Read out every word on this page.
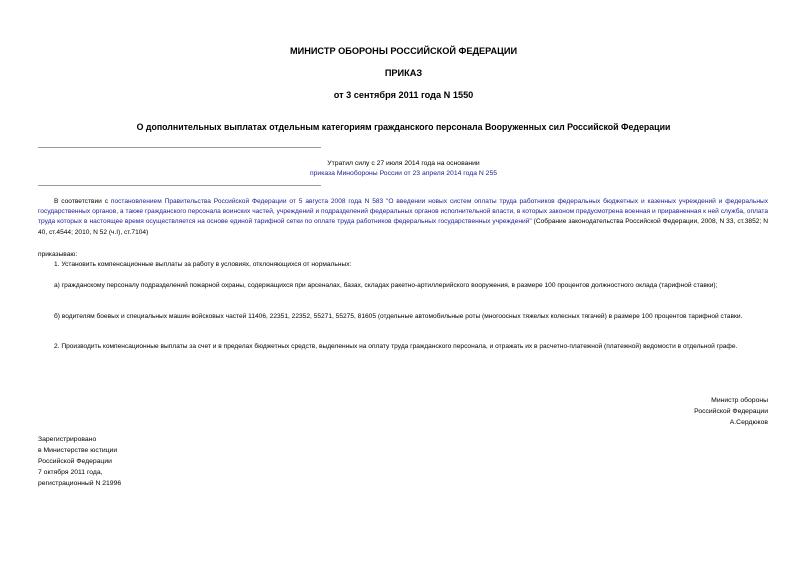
МИНИСТР ОБОРОНЫ РОССИЙСКОЙ ФЕДЕРАЦИИ
ПРИКАЗ
от 3 сентября 2011 года N 1550
О дополнительных выплатах отдельным категориям гражданского персонала Вооруженных сил Российской Федерации
Утратил силу с 27 июля 2014 года на основании
приказа Минобороны России от 23 апреля 2014 года N 255
В соответствии с постановлением Правительства Российской Федерации от 5 августа 2008 года N 583 "О введении новых систем оплаты труда работников федеральных бюджетных и казенных учреждений и федеральных государственных органов, а также гражданского персонала воинских частей, учреждений и подразделений федеральных органов исполнительной власти, в которых законом предусмотрена военная и приравненная к ней служба, оплата труда которых в настоящее время осуществляется на основе единой тарифной сетки по оплате труда работников федеральных государственных учреждений" (Собрание законодательства Российской Федерации, 2008, N 33, ст.3852; N 40, ст.4544; 2010, N 52 (ч.I), ст.7104)
приказываю:
1. Установить компенсационные выплаты за работу в условиях, отклоняющихся от нормальных:
а) гражданскому персоналу подразделений пожарной охраны, содержащихся при арсеналах, базах, складах ракетно-артиллерийского вооружения, в размере 100 процентов должностного оклада (тарифной ставки);
б) водителям боевых и специальных машин войсковых частей 11406, 22351, 22352, 55271, 55275, 81605 (отдельные автомобильные роты (многоосных тяжелых колесных тягачей) в размере 100 процентов тарифной ставки.
2. Производить компенсационные выплаты за счет и в пределах бюджетных средств, выделенных на оплату труда гражданского персонала, и отражать их в расчетно-платежной (платежной) ведомости в отдельной графе.
Министр обороны
Российской Федерации
А.Сердюков
Зарегистрировано
в Министерстве юстиции
Российской Федерации
7 октября 2011 года,
регистрационный N 21996
